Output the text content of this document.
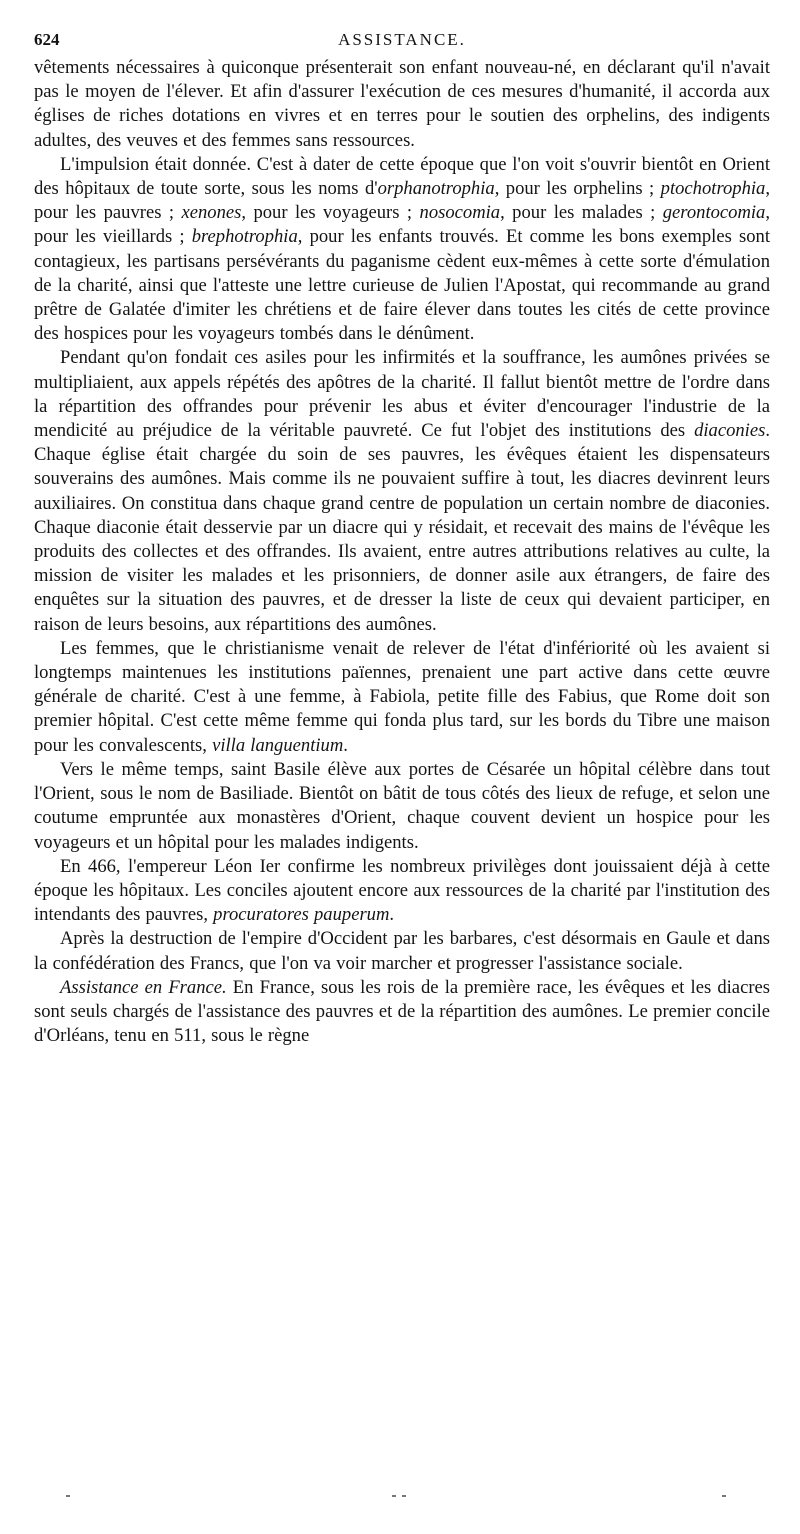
624	ASSISTANCE.

vêtements nécessaires à quiconque présenterait son enfant nouveau-né, en déclarant qu'il n'avait pas le moyen de l'élever. Et afin d'assurer l'exécution de ces mesures d'humanité, il accorda aux églises de riches dotations en vivres et en terres pour le soutien des orphelins, des indigents adultes, des veuves et des femmes sans ressources.

L'impulsion était donnée. C'est à dater de cette époque que l'on voit s'ouvrir bientôt en Orient des hôpitaux de toute sorte, sous les noms d'orphanotrophia, pour les orphelins ; ptochotrophia, pour les pauvres ; xenones, pour les voyageurs ; nosocomia, pour les malades ; gerontocomia, pour les vieillards ; brephotrophia, pour les enfants trouvés. Et comme les bons exemples sont contagieux, les partisans persévérants du paganisme cèdent eux-mêmes à cette sorte d'émulation de la charité, ainsi que l'atteste une lettre curieuse de Julien l'Apostat, qui recommande au grand prêtre de Galatée d'imiter les chrétiens et de faire élever dans toutes les cités de cette province des hospices pour les voyageurs tombés dans le dénûment.

Pendant qu'on fondait ces asiles pour les infirmités et la souffrance, les aumônes privées se multipliaient, aux appels répétés des apôtres de la charité. Il fallut bientôt mettre de l'ordre dans la répartition des offrandes pour prévenir les abus et éviter d'encourager l'industrie de la mendicité au préjudice de la véritable pauvreté. Ce fut l'objet des institutions des diaconies. Chaque église était chargée du soin de ses pauvres, les évêques étaient les dispensateurs souverains des aumônes. Mais comme ils ne pouvaient suffire à tout, les diacres devinrent leurs auxiliaires. On constitua dans chaque grand centre de population un certain nombre de diaconies. Chaque diaconie était desservie par un diacre qui y résidait, et recevait des mains de l'évêque les produits des collectes et des offrandes. Ils avaient, entre autres attributions relatives au culte, la mission de visiter les malades et les prisonniers, de donner asile aux étrangers, de faire des enquêtes sur la situation des pauvres, et de dresser la liste de ceux qui devaient participer, en raison de leurs besoins, aux répartitions des aumônes.

Les femmes, que le christianisme venait de relever de l'état d'infériorité où les avaient si longtemps maintenues les institutions païennes, prenaient une part active dans cette œuvre générale de charité. C'est à une femme, à Fabiola, petite fille des Fabius, que Rome doit son premier hôpital. C'est cette même femme qui fonda plus tard, sur les bords du Tibre une maison pour les convalescents, villa languentium.

Vers le même temps, saint Basile élève aux portes de Césarée un hôpital célèbre dans tout l'Orient, sous le nom de Basiliade. Bientôt on bâtit de tous côtés des lieux de refuge, et selon une coutume empruntée aux monastères d'Orient, chaque couvent devient un hospice pour les voyageurs et un hôpital pour les malades indigents.

En 466, l'empereur Léon Ier confirme les nombreux privilèges dont jouissaient déjà à cette époque les hôpitaux. Les conciles ajoutent encore aux ressources de la charité par l'institution des intendants des pauvres, procuratores pauperum.

Après la destruction de l'empire d'Occident par les barbares, c'est désormais en Gaule et dans la confédération des Francs, que l'on va voir marcher et progresser l'assistance sociale.

Assistance en France. En France, sous les rois de la première race, les évêques et les diacres sont seuls chargés de l'assistance des pauvres et de la répartition des aumônes. Le premier concile d'Orléans, tenu en 511, sous le règne
